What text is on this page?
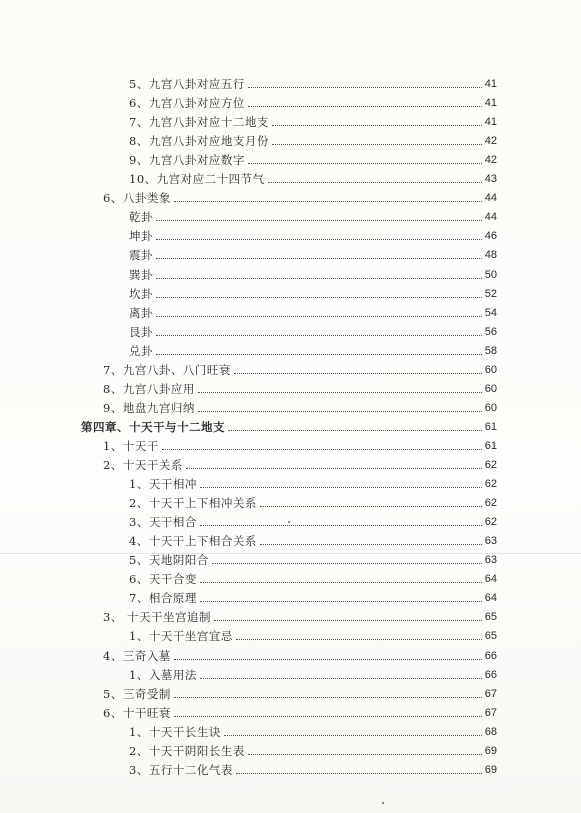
5、九宫八卦对应五行	41
6、九宫八卦对应方位	41
7、九宫八卦对应十二地支	41
8、九宫八卦对应地支月份	42
9、九宫八卦对应数字	42
10、九宫对应二十四节气	43
6、八卦类象	44
乾卦	44
坤卦	46
震卦	48
巽卦	50
坎卦	52
离卦	54
艮卦	56
兑卦	58
7、九宫八卦、八门旺衰	60
8、九宫八卦应用	60
9、地盘九宫归纳	60
第四章、十天干与十二地支	61
1、十天干	61
2、十天干关系	62
1、天干相冲	62
2、十天干上下相冲关系	62
3、天干相合	62
4、十天干上下相合关系	63
5、天地阴阳合	63
6、天干合变	64
7、相合原理	64
3、 十天干坐宫追制	65
1、十天干坐宫宜忌	65
4、三奇入墓	66
1、入墓用法	66
5、三奇受制	67
6、十干旺衰	67
1、十天干长生诀	68
2、十天干阴阳长生表	69
3、五行十二化气表	69
